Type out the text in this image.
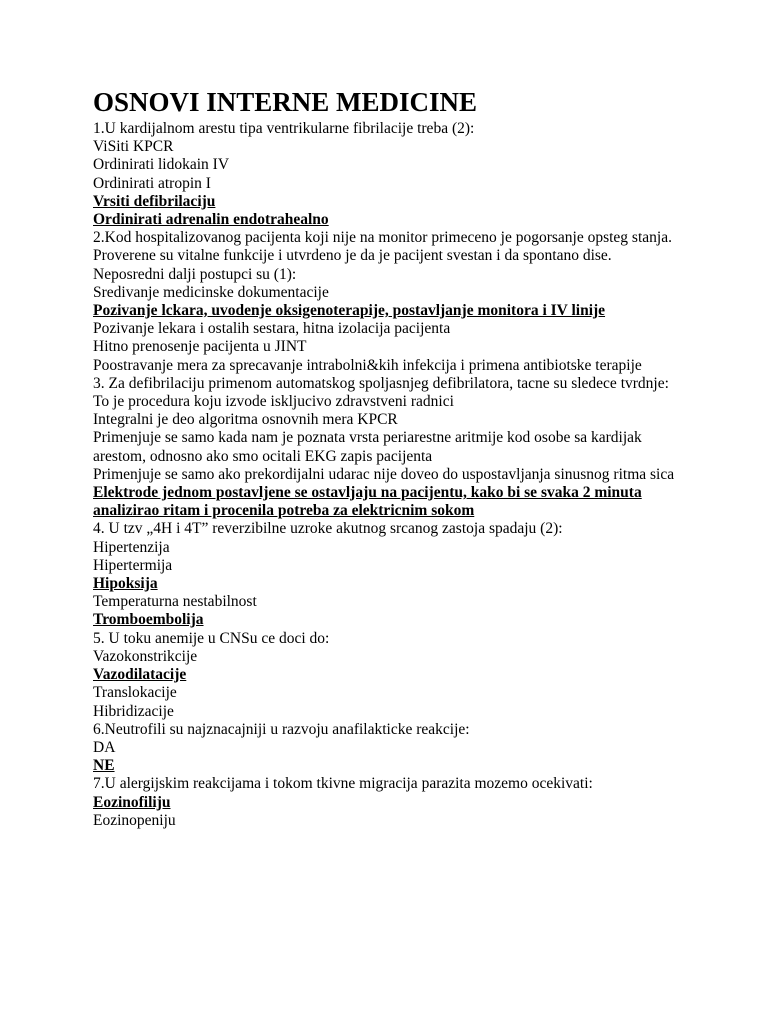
OSNOVI INTERNE MEDICINE
1.U kardijalnom arestu tipa ventrikularne fibrilacije treba (2):
ViSiti KPCR
Ordinirati lidokain IV
Ordinirati atropin I
Vrsiti defibrilaciju
Ordinirati adrenalin endotrahealno
2.Kod hospitalizovanog pacijenta koji nije na monitor primeceno je pogorsanje opsteg stanja. Proverene su vitalne funkcije i utvrdeno je da je pacijent svestan i da spontano dise.
Neposredni dalji postupci su (1):
Sredivanje medicinske dokumentacije
Pozivanje lckara, uvodenje oksigenoterapije, postavljanje monitora i IV linije
Pozivanje lekara i ostalih sestara, hitna izolacija pacijenta
Hitno prenosenje pacijenta u JINT
Poostravanje mera za sprecavanje intrabolni&kih infekcija i primena antibiotske terapije
3. Za defibrilaciju primenom automatskog spoljasnjeg defibrilatora, tacne su sledece tvrdnje:
To je procedura koju izvode iskljucivo zdravstveni radnici
Integralni je deo algoritma osnovnih mera KPCR
Primenjuje se samo kada nam je poznata vrsta periarestne aritmije kod osobe sa kardijak arestom, odnosno ako smo ocitali EKG zapis pacijenta
Primenjuje se samo ako prekordijalni udarac nije doveo do uspostavljanja sinusnog ritma sica
Elektrode jednom postavljene se ostavljaju na pacijentu, kako bi se svaka 2 minuta analizirao ritam i procenila potreba za elektricnim sokom
4. U tzv „4H i 4T” reverzibilne uzroke akutnog srcanog zastoja spadaju (2):
Hipertenzija
Hipertermija
Hipoksija
Temperaturna nestabilnost
Tromboembolija
5. U toku anemije u CNSu ce doci do:
Vazokonstrikcije
Vazodilatacije
Translokacije
Hibridizacije
6.Neutrofili su najznacajniji u razvoju anafilakticke reakcije:
DA
NE
7.U alergijskim reakcijama i tokom tkivne migracija parazita mozemo ocekivati:
Eozinofiliju
Eozinopeniju
